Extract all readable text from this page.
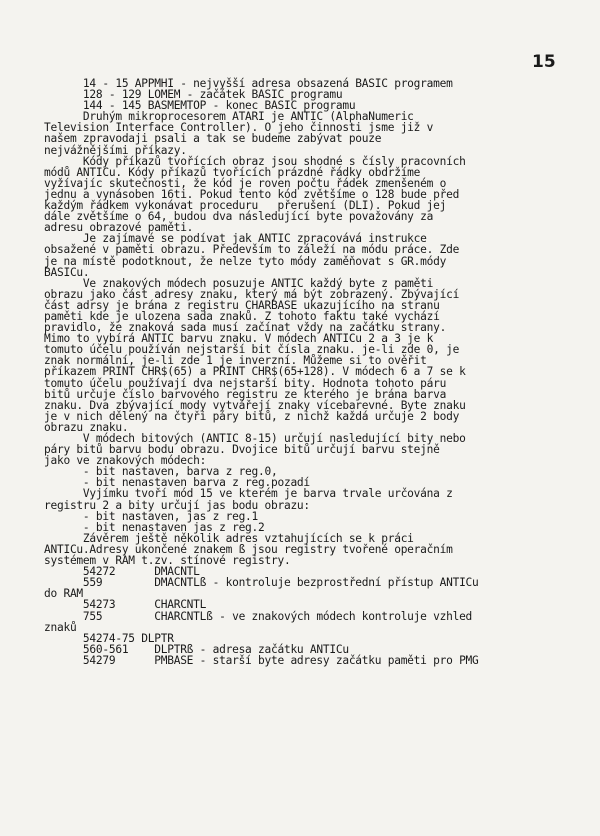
15
14 - 15 APPMHI - nejvyšší adresa obsazená BASIC programem
128 - 129 LOMEM - začátek BASIC programu
144 - 145 BASMEMTOP - konec BASIC programu
Druhým mikroprocesorem ATARI je ANTIC (AlphaNumeric
Television Interface Controller). O jeho činnosti jsme již v
našem zpravodaji psali a tak se budeme zabývat pouze
nejvážnějšími příkazy.
Kódy příkazů tvořících obraz jsou shodné s čísly pracovních
módů ANTICu. Kódy příkazů tvořících prázdné řádky obdržíme
vyžívajíc skutečnosti, že kód je roven počtu řádek zmenšeném o
jednu a vynásoben 16ti. Pokud tento kód zvětšíme o 128 bude před
každým řádkem vykonávat proceduru   přerušení (DLI). Pokud jej
dále zvětšíme o 64, budou dva následující byte považovány za
adresu obrazové paměti.
Je zajímavé se podívat jak ANTIC zpracovává instrukce
obsažené v paměti obrazu. Především to záleží na módu práce. Zde
je na místě podotknout, že nelze tyto módy zaměňovat s GR.módy
BASICu.
Ve znakových módech posuzuje ANTIC každý byte z paměti
obrazu jako část adresy znaku, který má být zobrazený. Zbývající
část adrsy je brána z registru CHARBASE ukazujícího na stranu
paměti kde je ulozena sada znaků. Z tohoto faktu také vychází
pravidlo, že znaková sada musí začínat vždy na začátku strany.
Mimo to vybírá ANTIC barvu znaku. V módech ANTICu 2 a 3 je k
tomuto účelu používán nejstarší bit čísla znaku. je-li zde 0, je
znak normální, je-li zde 1 je inverzní. Můžeme si to ověřit
příkazem PRINT CHR$(65) a PRINT CHR$(65+128). V módech 6 a 7 se k
tomuto účelu používají dva nejstarší bity. Hodnota tohoto páru
bitů určuje číslo barvového registru ze kterého je brána barva
znaku. Dva zbývající mody vytvářejí znaky vícebarevné. Byte znaku
je v nich dělený na čtyři páry bitů, z nichž každá určuje 2 body
obrazu znaku.
V módech bitových (ANTIC 8-15) určují nasledující bity nebo
páry bitů barvu bodu obrazu. Dvojice bitů určují barvu stejně
jako ve znakových módech:
- bit nastaven, barva z reg.0,
- bit nenastaven barva z reg.pozadí
Vyjímku tvoří mód 15 ve kterém je barva trvale určována z
registru 2 a bity určují jas bodu obrazu:
- bit nastaven, jas z reg.1
- bit nenastaven jas z reg.2
Závěrem ještě několik adres vztahujících se k práci
ANTICu.Adresy ukončené znakem ß jsou registry tvořené operačním
systémem v RAM t.zv. stínové registry.
54272      DMACNTL
559        DMACNTLß - kontroluje bezprostřední přístup ANTICu
do RAM
54273      CHARCNTL
755        CHARCNTLß - ve znakových módech kontroluje vzhled
znaků
54274-75 DLPTR
560-561    DLPTRß - adresa začátku ANTICu
54279      PMBASE - starší byte adresy začátku paměti pro PMG
